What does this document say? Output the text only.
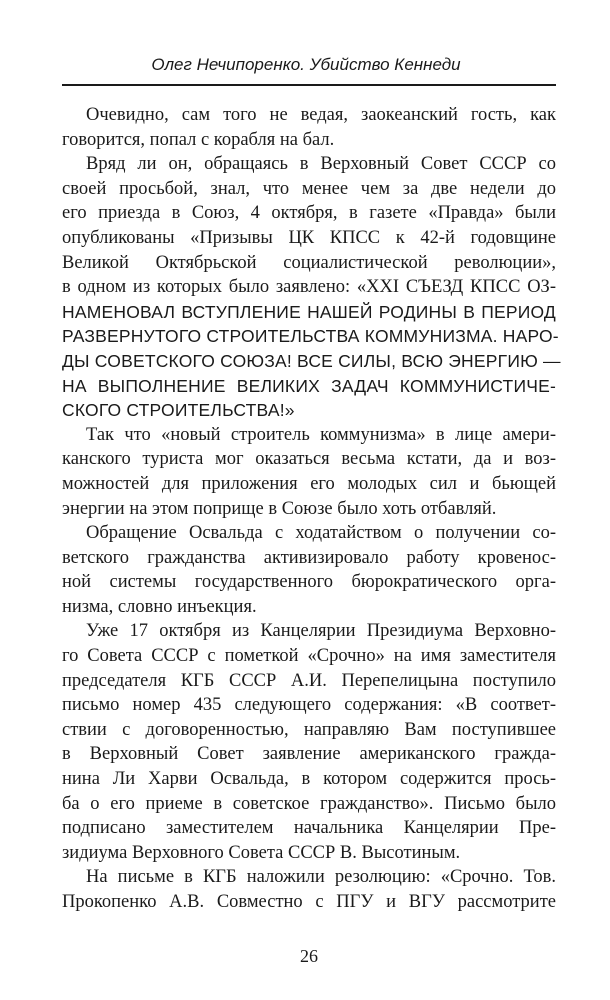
Олег Нечипоренко. Убийство Кеннеди
Очевидно, сам того не ведая, заокеанский гость, как
говорится, попал с корабля на бал.
Вряд ли он, обращаясь в Верховный Совет СССР со
своей просьбой, знал, что менее чем за две недели до
его приезда в Союз, 4 октября, в газете «Правда» были
опубликованы «Призывы ЦК КПСС к 42-й годовщине
Великой Октябрьской социалистической революции»,
в одном из которых было заявлено: «XXI СЪЕЗД КПСС ОЗ-
НАМЕНОВАЛ ВСТУПЛЕНИЕ НАШЕЙ РОДИНЫ В ПЕРИОД
РАЗВЕРНУТОГО СТРОИТЕЛЬСТВА КОММУНИЗМА. НАРО-
ДЫ СОВЕТСКОГО СОЮЗА! ВСЕ СИЛЫ, ВСЮ ЭНЕРГИЮ —
НА ВЫПОЛНЕНИЕ ВЕЛИКИХ ЗАДАЧ КОММУНИСТИЧЕ-
СКОГО СТРОИТЕЛЬСТВА!»
Так что «новый строитель коммунизма» в лице амери-
канского туриста мог оказаться весьма кстати, да и воз-
можностей для приложения его молодых сил и бьющей
энергии на этом поприще в Союзе было хоть отбавляй.
Обращение Освальда с ходатайством о получении со-
ветского гражданства активизировало работу кровенос-
ной системы государственного бюрократического орга-
низма, словно инъекция.
Уже 17 октября из Канцелярии Президиума Верховно-
го Совета СССР с пометкой «Срочно» на имя заместителя
председателя КГБ СССР А.И. Перепелицына поступило
письмо номер 435 следующего содержания: «В соответ-
ствии с договоренностью, направляю Вам поступившее
в Верховный Совет заявление американского гражда-
нина Ли Харви Освальда, в котором содержится прось-
ба о его приеме в советское гражданство». Письмо было
подписано заместителем начальника Канцелярии Пре-
зидиума Верховного Совета СССР В. Высотиным.
На письме в КГБ наложили резолюцию: «Срочно. Тов.
Прокопенко А.В. Совместно с ПГУ и ВГУ рассмотрите
26
